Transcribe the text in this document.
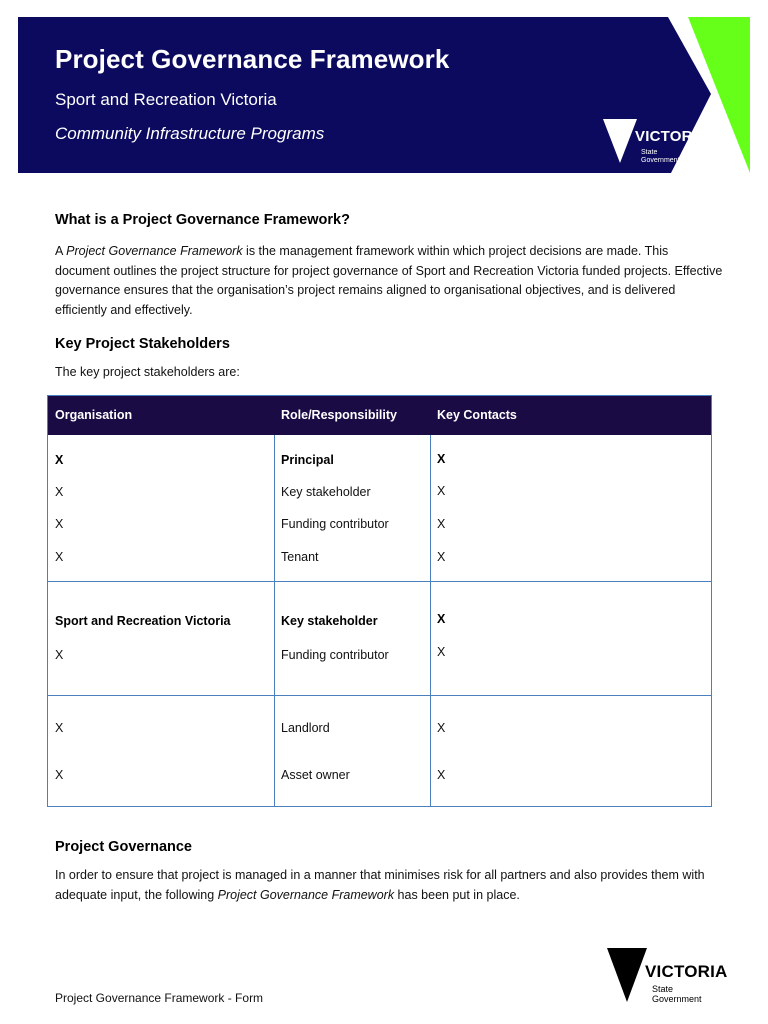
Project Governance Framework
Sport and Recreation Victoria
Community Infrastructure Programs	VICTORIA
State
Government
What is a Project Governance Framework?

A Project Governance Framework is the management framework within which project decisions are made. This document outlines the project structure for project governance of Sport and Recreation Victoria funded projects. Effective governance ensures that the organisation’s project remains aligned to organisational objectives, and is delivered efficiently and effectively.

Key Project Stakeholders

The key project stakeholders are:

Organisation	Role/Responsibility	Key Contacts
X	Principal	X
X	Key stakeholder	X
X	Funding contributor	X
X	Tenant	X
Sport and Recreation Victoria	Key stakeholder	X
X	Funding contributor	X
X	Landlord	X
X	Asset owner	X
Project Governance

In order to ensure that project is managed in a manner that minimises risk for all partners and also provides them with adequate input, the following Project Governance Framework has been put in place.

Project Governance Framework - Form
VICTORIA
State
Government
